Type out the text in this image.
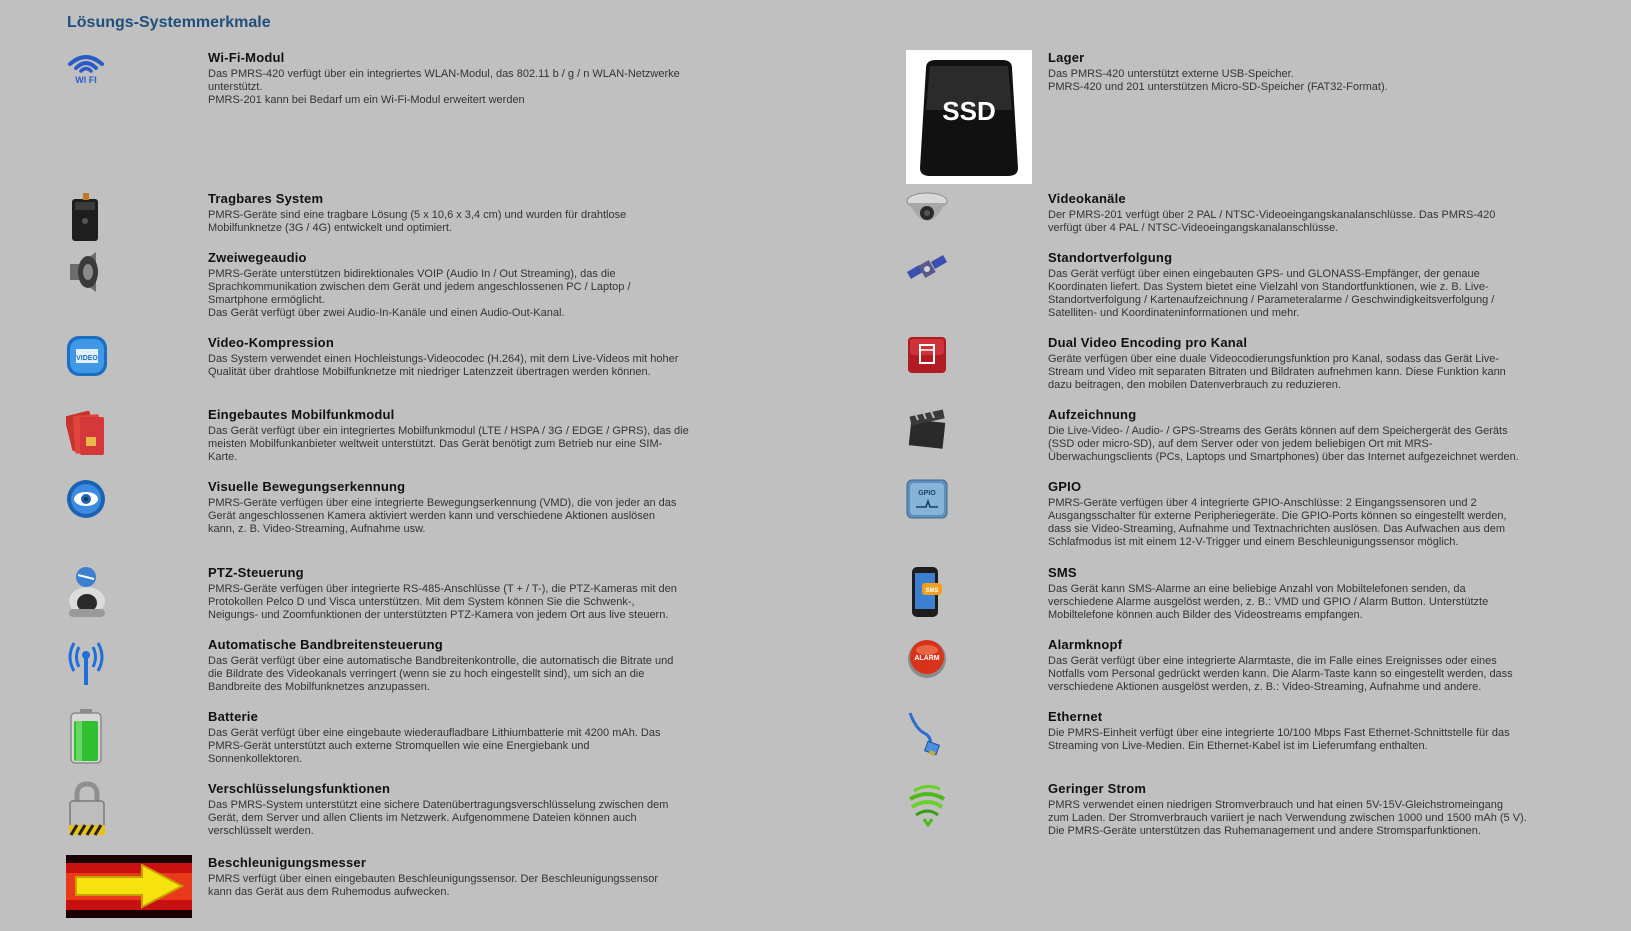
Lösungs-Systemmerkmale
WI FI
Wi-Fi-Modul

Das PMRS-420 verfügt über ein integriertes WLAN-Modul, das 802.11 b / g / n WLAN-Netzwerke
unterstützt.
PMRS-201 kann bei Bedarf um ein Wi-Fi-Modul erweitert werden

Tragbares System

PMRS-Geräte sind eine tragbare Lösung (5 x 10,6 x 3,4 cm) und wurden für drahtlose
Mobilfunknetze (3G / 4G) entwickelt und optimiert.

Zweiwegeaudio

PMRS-Geräte unterstützen bidirektionales VOIP (Audio In / Out Streaming), das die
Sprachkommunikation zwischen dem Gerät und jedem angeschlossenen PC / Laptop /
Smartphone ermöglicht.
Das Gerät verfügt über zwei Audio-In-Kanäle und einen Audio-Out-Kanal.

VIDEO
Video-Kompression

Das System verwendet einen Hochleistungs-Videocodec (H.264), mit dem Live-Videos mit hoher
Qualität über drahtlose Mobilfunknetze mit niedriger Latenzzeit übertragen werden können.

Eingebautes Mobilfunkmodul

Das Gerät verfügt über ein integriertes Mobilfunkmodul (LTE / HSPA / 3G / EDGE / GPRS), das die
meisten Mobilfunkanbieter weltweit unterstützt. Das Gerät benötigt zum Betrieb nur eine SIM-
Karte.

Visuelle Bewegungserkennung

PMRS-Geräte verfügen über eine integrierte Bewegungserkennung (VMD), die von jeder an das
Gerät angeschlossenen Kamera aktiviert werden kann und verschiedene Aktionen auslösen
kann, z. B. Video-Streaming, Aufnahme usw.

PTZ-Steuerung

PMRS-Geräte verfügen über integrierte RS-485-Anschlüsse (T + / T-), die PTZ-Kameras mit den
Protokollen Pelco D und Visca unterstützen. Mit dem System können Sie die Schwenk-,
Neigungs- und Zoomfunktionen der unterstützten PTZ-Kamera von jedem Ort aus live steuern.

Automatische Bandbreitensteuerung

Das Gerät verfügt über eine automatische Bandbreitenkontrolle, die automatisch die Bitrate und
die Bildrate des Videokanals verringert (wenn sie zu hoch eingestellt sind), um sich an die
Bandbreite des Mobilfunknetzes anzupassen.

Batterie

Das Gerät verfügt über eine eingebaute wiederaufladbare Lithiumbatterie mit 4200 mAh. Das
PMRS-Gerät unterstützt auch externe Stromquellen wie eine Energiebank und
Sonnenkollektoren.

Verschlüsselungsfunktionen

Das PMRS-System unterstützt eine sichere Datenübertragungsverschlüsselung zwischen dem
Gerät, dem Server und allen Clients im Netzwerk. Aufgenommene Dateien können auch
verschlüsselt werden.

Beschleunigungsmesser

PMRS verfügt über einen eingebauten Beschleunigungssensor. Der Beschleunigungssensor
kann das Gerät aus dem Ruhemodus aufwecken.

SSD
Lager

Das PMRS-420 unterstützt externe USB-Speicher.
PMRS-420 und 201 unterstützen Micro-SD-Speicher (FAT32-Format).

Videokanäle

Der PMRS-201 verfügt über 2 PAL / NTSC-Videoeingangskanalanschlüsse. Das PMRS-420
verfügt über 4 PAL / NTSC-Videoeingangskanalanschlüsse.

Standortverfolgung

Das Gerät verfügt über einen eingebauten GPS- und GLONASS-Empfänger, der genaue
Koordinaten liefert. Das System bietet eine Vielzahl von Standortfunktionen, wie z. B. Live-
Standortverfolgung / Kartenaufzeichnung / Parameteralarme / Geschwindigkeitsverfolgung /
Satelliten- und Koordinateninformationen und mehr.

Dual Video Encoding pro Kanal

Geräte verfügen über eine duale Videocodierungsfunktion pro Kanal, sodass das Gerät Live-
Stream und Video mit separaten Bitraten und Bildraten aufnehmen kann. Diese Funktion kann
dazu beitragen, den mobilen Datenverbrauch zu reduzieren.

Aufzeichnung

Die Live-Video- / Audio- / GPS-Streams des Geräts können auf dem Speichergerät des Geräts
(SSD oder micro-SD), auf dem Server oder von jedem beliebigen Ort mit MRS-
Überwachungsclients (PCs, Laptops und Smartphones) über das Internet aufgezeichnet werden.

GPIO	GPIO

PMRS-Geräte verfügen über 4 integrierte GPIO-Anschlüsse: 2 Eingangssensoren und 2
Ausgangsschalter für externe Peripheriegeräte. Die GPIO-Ports können so eingestellt werden,
dass sie Video-Streaming, Aufnahme und Textnachrichten auslösen. Das Aufwachen aus dem
Schlafmodus ist mit einem 12-V-Trigger und einem Beschleunigungssensor möglich.

SMS
SMS

Das Gerät kann SMS-Alarme an eine beliebige Anzahl von Mobiltelefonen senden, da
verschiedene Alarme ausgelöst werden, z. B.: VMD und GPIO / Alarm Button. Unterstützte
Mobiltelefone können auch Bilder des Videostreams empfangen.

ALARM
Alarmknopf

Das Gerät verfügt über eine integrierte Alarmtaste, die im Falle eines Ereignisses oder eines
Notfalls vom Personal gedrückt werden kann. Die Alarm-Taste kann so eingestellt werden, dass
verschiedene Aktionen ausgelöst werden, z. B.: Video-Streaming, Aufnahme und andere.

Ethernet

Die PMRS-Einheit verfügt über eine integrierte 10/100 Mbps Fast Ethernet-Schnittstelle für das
Streaming von Live-Medien. Ein Ethernet-Kabel ist im Lieferumfang enthalten.

Geringer Strom

PMRS verwendet einen niedrigen Stromverbrauch und hat einen 5V-15V-Gleichstromeingang
zum Laden. Der Stromverbrauch variiert je nach Verwendung zwischen 1000 und 1500 mAh (5 V).
Die PMRS-Geräte unterstützen das Ruhemanagement und andere Stromsparfunktionen.
